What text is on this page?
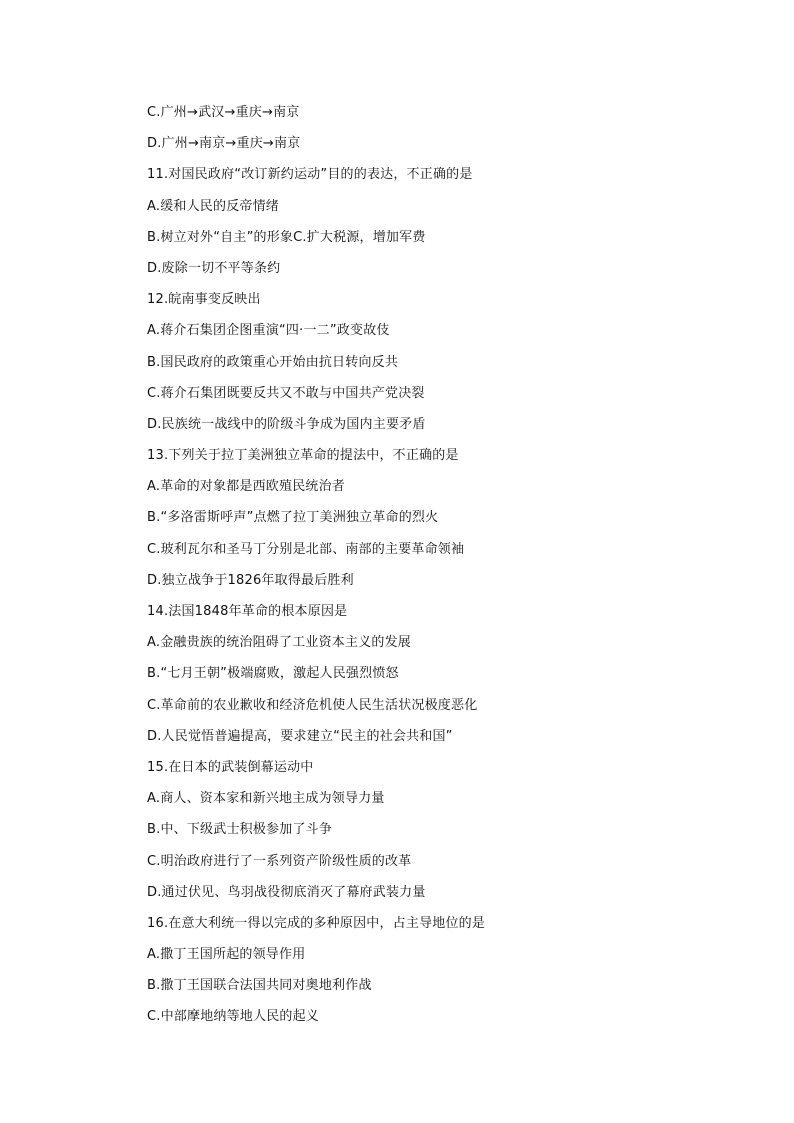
C.广州→武汉→重庆→南京
D.广州→南京→重庆→南京
11.对国民政府“改订新约运动”目的的表达，不正确的是
A.缓和人民的反帝情绪
B.树立对外“自主”的形象C.扩大税源，增加军费
D.废除一切不平等条约
12.皖南事变反映出
A.蒋介石集团企图重演“四·一二”政变故伎
B.国民政府的政策重心开始由抗日转向反共
C.蒋介石集团既要反共又不敢与中国共产党决裂
D.民族统一战线中的阶级斗争成为国内主要矛盾
13.下列关于拉丁美洲独立革命的提法中，不正确的是
A.革命的对象都是西欧殖民统治者
B.“多洛雷斯呼声”点燃了拉丁美洲独立革命的烈火
C.玻利瓦尔和圣马丁分别是北部、南部的主要革命领袖
D.独立战争于1826年取得最后胜利
14.法国1848年革命的根本原因是
A.金融贵族的统治阻碍了工业资本主义的发展
B.“七月王朝”极端腐败，激起人民强烈愤怒
C.革命前的农业歉收和经济危机使人民生活状况极度恶化
D.人民觉悟普遍提高，要求建立“民主的社会共和国”
15.在日本的武装倒幕运动中
A.商人、资本家和新兴地主成为领导力量
B.中、下级武士积极参加了斗争
C.明治政府进行了一系列资产阶级性质的改革
D.通过伏见、鸟羽战役彻底消灭了幕府武装力量
16.在意大利统一得以完成的多种原因中，占主导地位的是
A.撒丁王国所起的领导作用
B.撒丁王国联合法国共同对奥地利作战
C.中部摩地纳等地人民的起义
